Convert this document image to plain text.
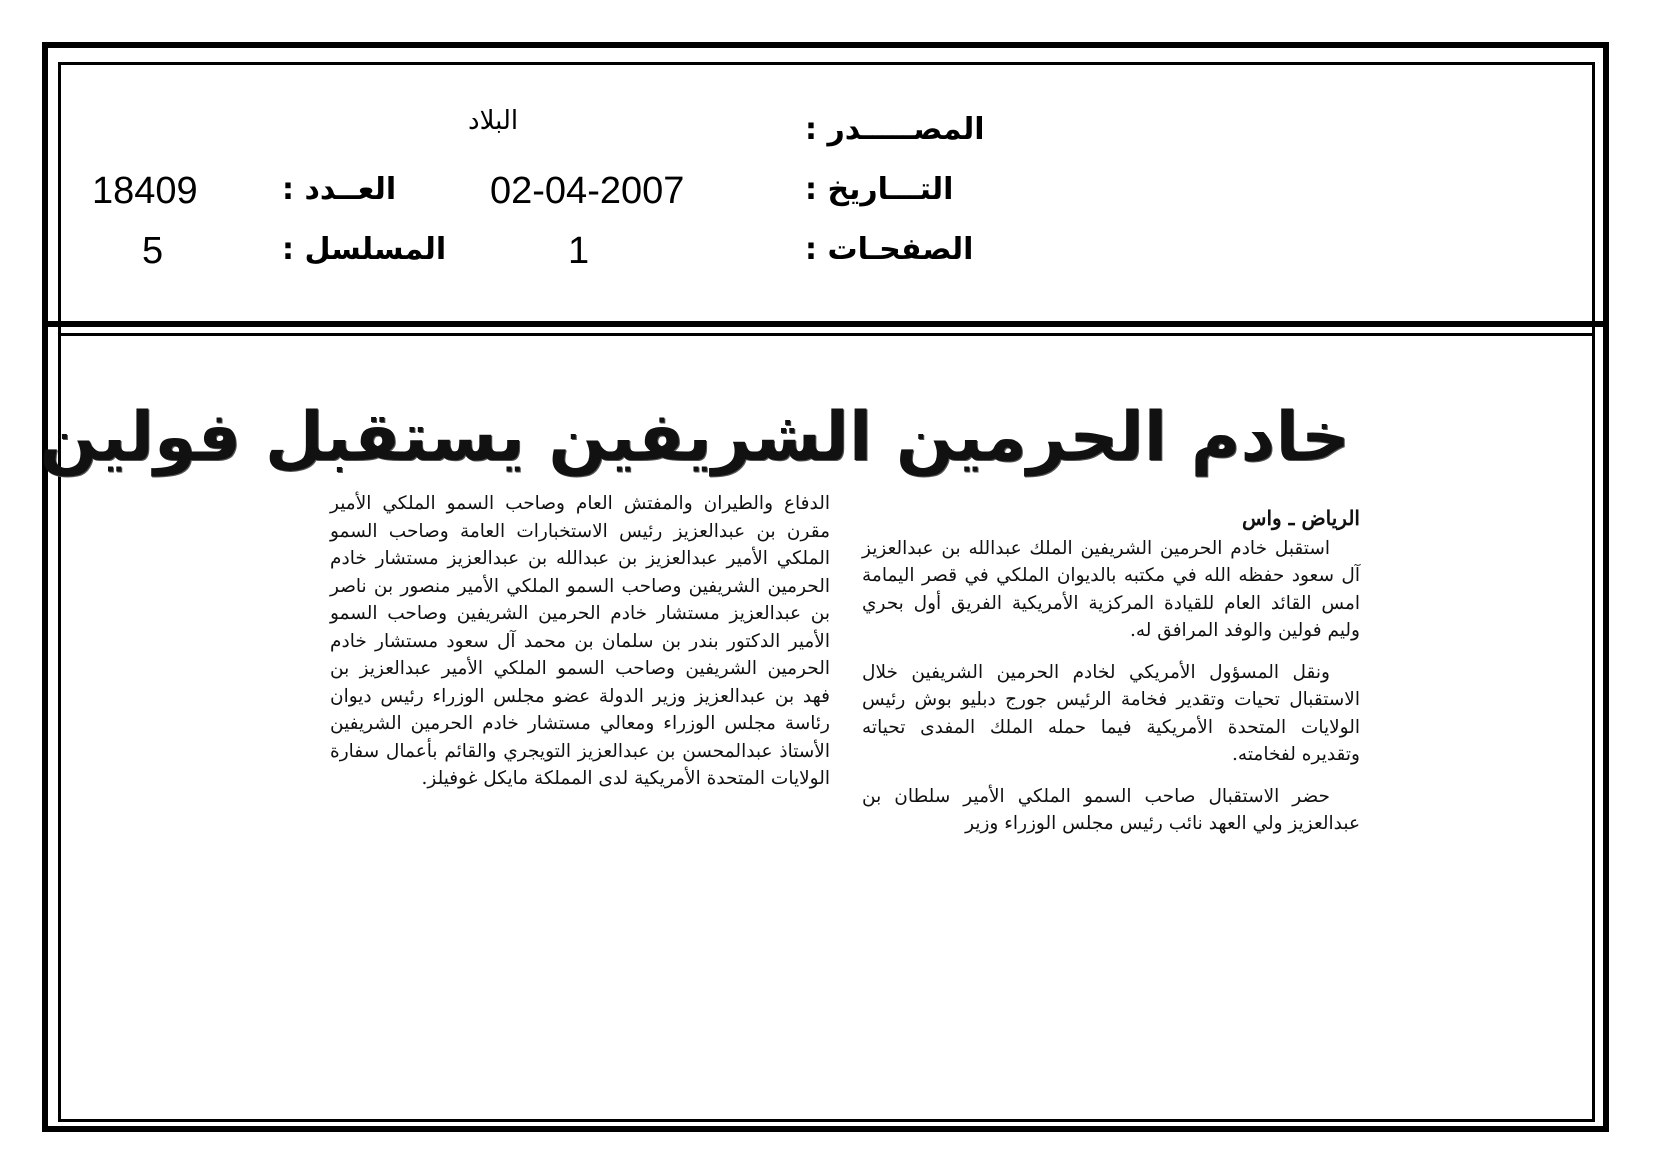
المصـــــدر :
البلاد
التـــاريخ :
02-04-2007
العــدد :
18409
الصفحـات :
1
المسلسل :
5
خادم الحرمين الشريفين يستقبل فولين
الرياض ـ واس

استقبل خادم الحرمين الشريفين الملك عبدالله بن عبدالعزيز آل سعود حفظه الله في مكتبه بالديوان الملكي في قصر اليمامة امس القائد العام للقيادة المركزية الأمريكية الفريق أول بحري وليم فولين والوفد المرافق له.

ونقل المسؤول الأمريكي لخادم الحرمين الشريفين خلال الاستقبال تحيات وتقدير فخامة الرئيس جورج دبليو بوش رئيس الولايات المتحدة الأمريكية فيما حمله الملك المفدى تحياته وتقديره لفخامته.

حضر الاستقبال صاحب السمو الملكي الأمير سلطان بن عبدالعزيز ولي العهد نائب رئيس مجلس الوزراء وزير

الدفاع والطيران والمفتش العام وصاحب السمو الملكي الأمير مقرن بن عبدالعزيز رئيس الاستخبارات العامة وصاحب السمو الملكي الأمير عبدالعزيز بن عبدالله بن عبدالعزيز مستشار خادم الحرمين الشريفين وصاحب السمو الملكي الأمير منصور بن ناصر بن عبدالعزيز مستشار خادم الحرمين الشريفين وصاحب السمو الأمير الدكتور بندر بن سلمان بن محمد آل سعود مستشار خادم الحرمين الشريفين وصاحب السمو الملكي الأمير عبدالعزيز بن فهد بن عبدالعزيز وزير الدولة عضو مجلس الوزراء رئيس ديوان رئاسة مجلس الوزراء ومعالي مستشار خادم الحرمين الشريفين الأستاذ عبدالمحسن بن عبدالعزيز التويجري والقائم بأعمال سفارة الولايات المتحدة الأمريكية لدى المملكة مايكل غوفيلز.
